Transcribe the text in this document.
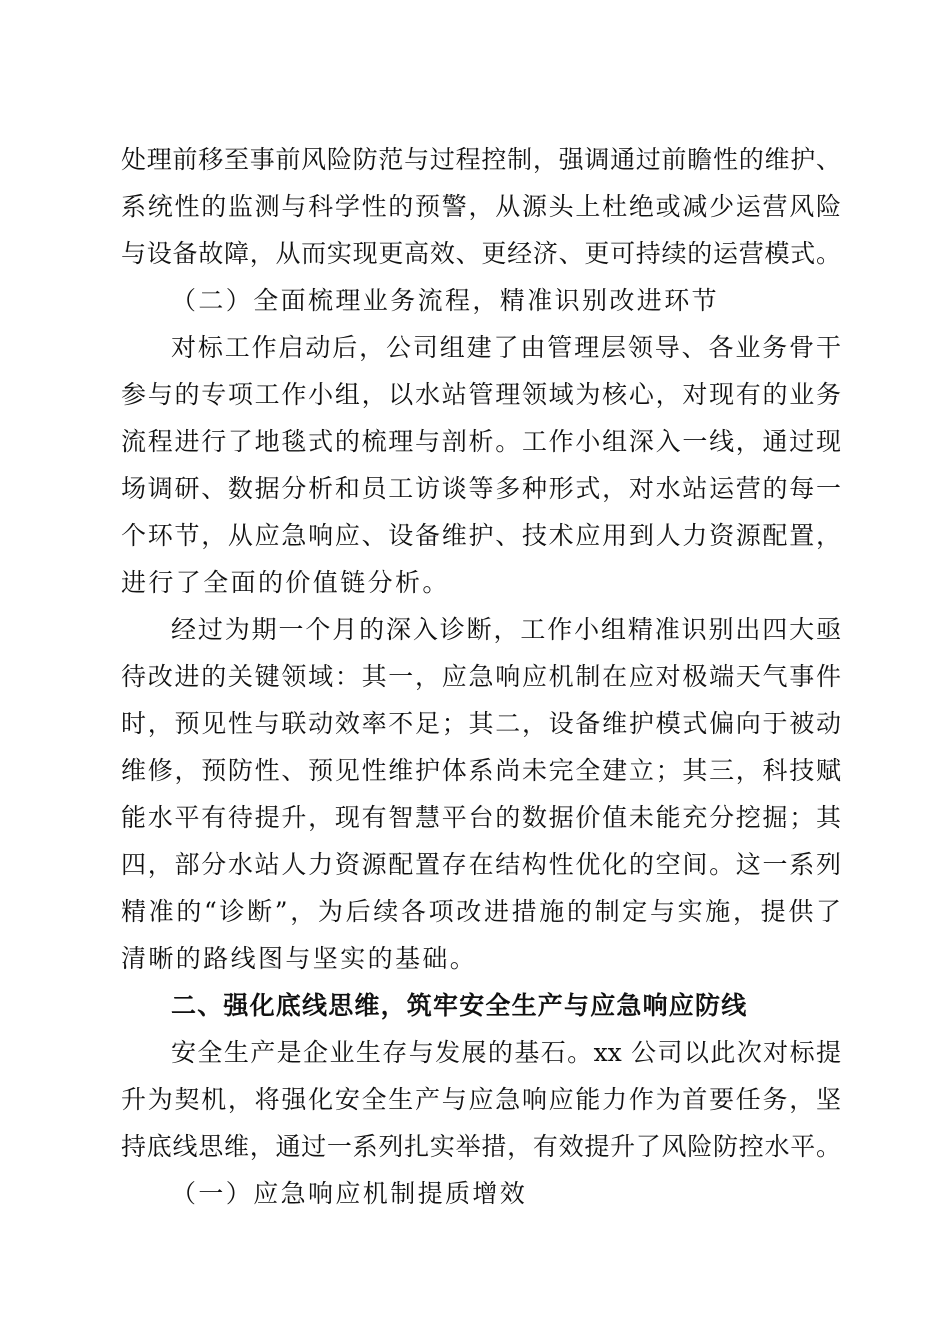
处理前移至事前风险防范与过程控制，强调通过前瞻性的维护、
系统性的监测与科学性的预警，从源头上杜绝或减少运营风险
与设备故障，从而实现更高效、更经济、更可持续的运营模式。
（二）全面梳理业务流程，精准识别改进环节
对标工作启动后，公司组建了由管理层领导、各业务骨干
参与的专项工作小组，以水站管理领域为核心，对现有的业务
流程进行了地毯式的梳理与剖析。工作小组深入一线，通过现
场调研、数据分析和员工访谈等多种形式，对水站运营的每一
个环节，从应急响应、设备维护、技术应用到人力资源配置，
进行了全面的价值链分析。
经过为期一个月的深入诊断，工作小组精准识别出四大亟
待改进的关键领域：其一，应急响应机制在应对极端天气事件
时，预见性与联动效率不足；其二，设备维护模式偏向于被动
维修，预防性、预见性维护体系尚未完全建立；其三，科技赋
能水平有待提升，现有智慧平台的数据价值未能充分挖掘；其
四，部分水站人力资源配置存在结构性优化的空间。这一系列
精准的“诊断”，为后续各项改进措施的制定与实施，提供了
清晰的路线图与坚实的基础。
二、强化底线思维，筑牢安全生产与应急响应防线
安全生产是企业生存与发展的基石。xx 公司以此次对标提
升为契机，将强化安全生产与应急响应能力作为首要任务，坚
持底线思维，通过一系列扎实举措，有效提升了风险防控水平。
（一）应急响应机制提质增效
